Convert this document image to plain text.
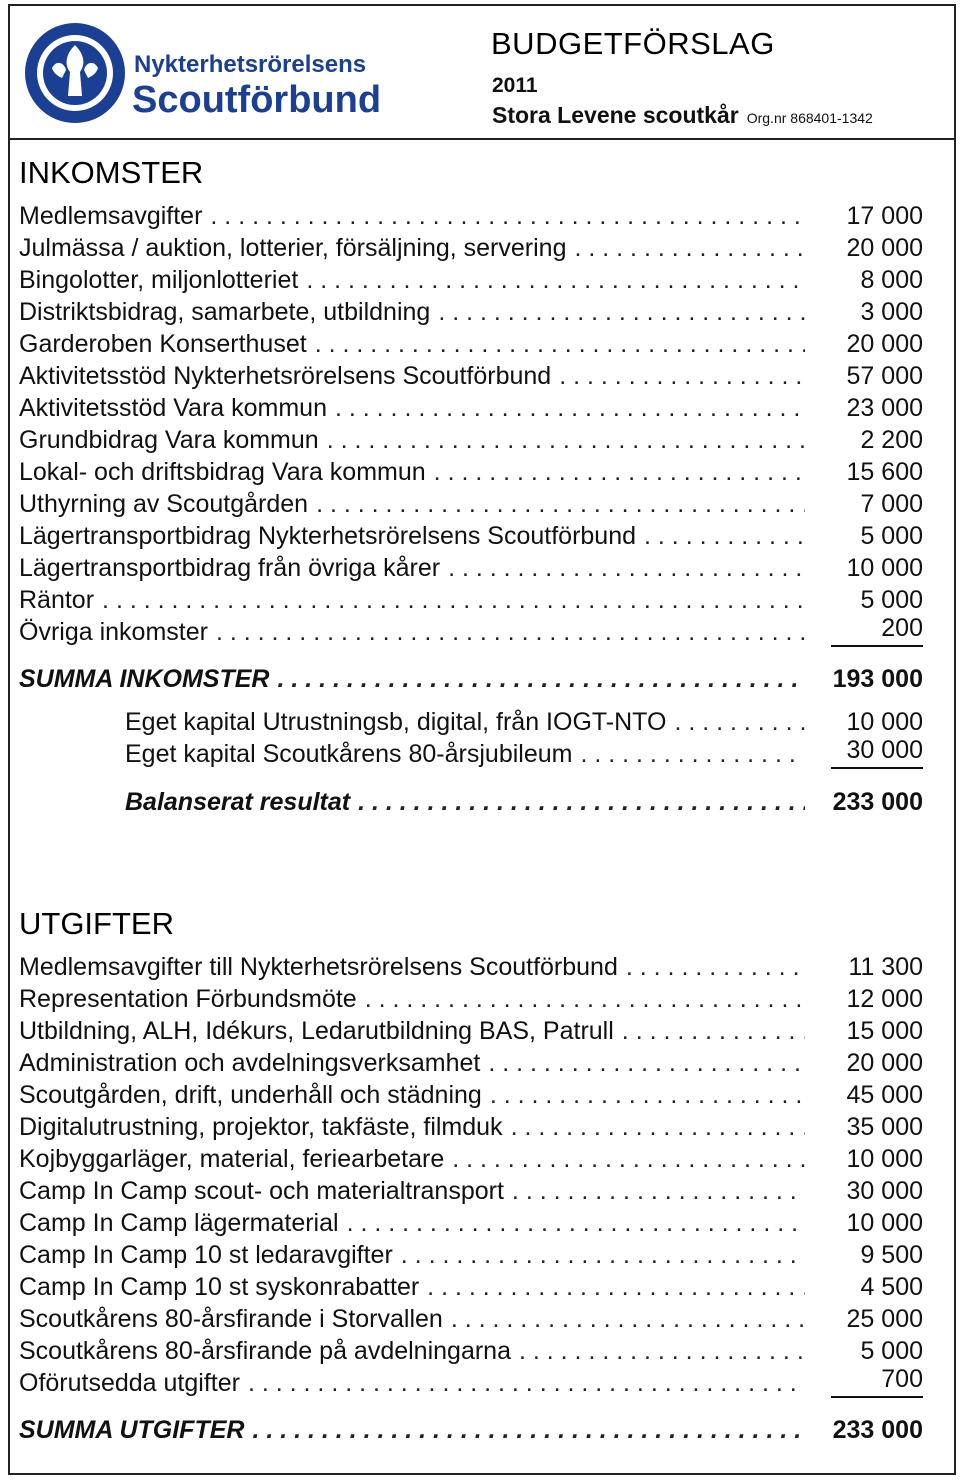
Nykterhetsrörelsens
Scoutförbund
BUDGETFÖRSLAG
2011
Stora Levene scoutkår Org.nr 868401-1342
INKOMSTER
Medlemsavgifter . . .	17 000
Julmässa / auktion, lotterier, försäljning, servering . . .	20 000
Bingolotter, miljonlotteriet . . .	8 000
Distriktsbidrag, samarbete, utbildning . . .	3 000
Garderoben Konserthuset . . .	20 000
Aktivitetsstöd Nykterhetsrörelsens Scoutförbund . . .	57 000
Aktivitetsstöd Vara kommun . . .	23 000
Grundbidrag Vara kommun . . .	2 200
Lokal- och driftsbidrag Vara kommun . . .	15 600
Uthyrning av Scoutgården . . .	7 000
Lägertransportbidrag Nykterhetsrörelsens Scoutförbund . . .	5 000
Lägertransportbidrag från övriga kårer . . .	10 000
Räntor . . .	5 000
Övriga inkomster . . .	200
SUMMA INKOMSTER . . .	193 000
Eget kapital Utrustningsb, digital, från IOGT-NTO . . .	10 000
Eget kapital Scoutkårens 80-årsjubileum . . .	30 000
Balanserat resultat . . .	233 000
UTGIFTER
Medlemsavgifter till Nykterhetsrörelsens Scoutförbund . . .	11 300
Representation Förbundsmöte . . .	12 000
Utbildning, ALH, Idékurs, Ledarutbildning BAS, Patrull . . .	15 000
Administration och avdelningsverksamhet . . .	20 000
Scoutgården, drift, underhåll och städning . . .	45 000
Digitalutrustning, projektor, takfäste, filmduk . . .	35 000
Kojbyggarläger, material, feriearbetare . . .	10 000
Camp In Camp scout- och materialtransport . . .	30 000
Camp In Camp lägermaterial . . .	10 000
Camp In Camp 10 st ledaravgifter . . .	9 500
Camp In Camp 10 st syskonrabatter . . .	4 500
Scoutkårens 80-årsfirande i Storvallen . . .	25 000
Scoutkårens 80-årsfirande på avdelningarna . . .	5 000
Oförutsedda utgifter . . .	700
SUMMA UTGIFTER . . .	233 000
